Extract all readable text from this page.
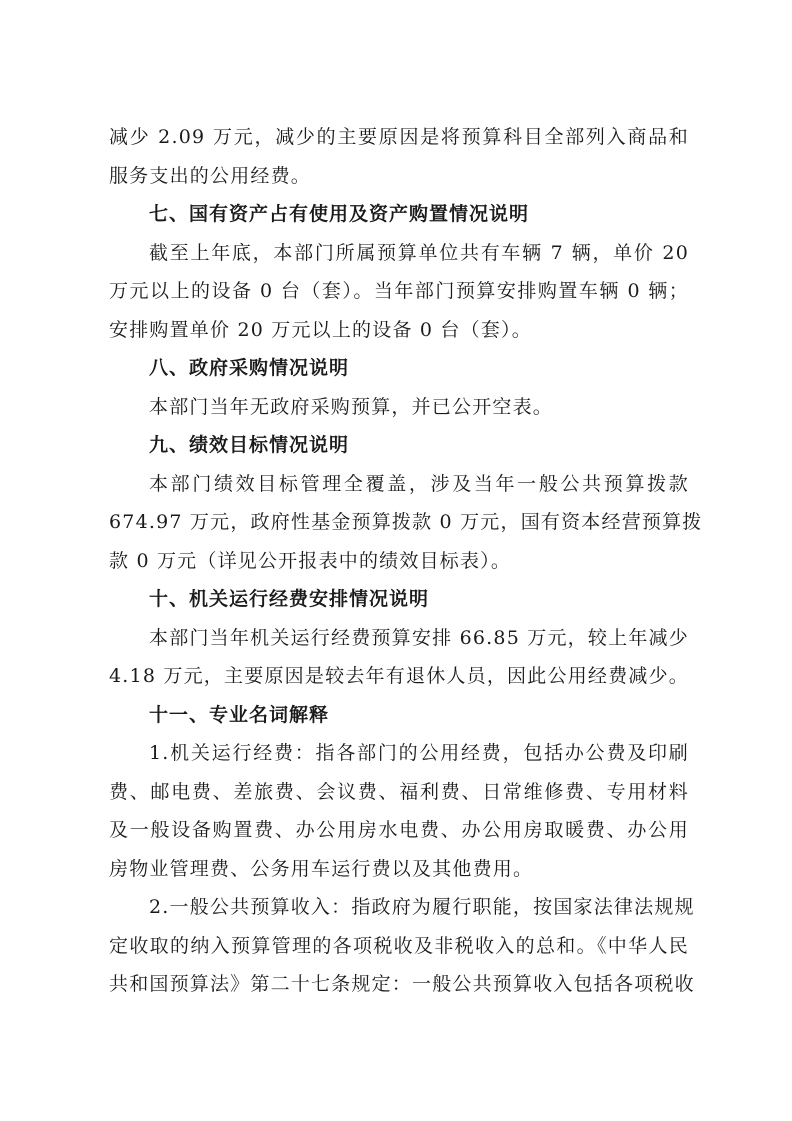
减少 2.09 万元，减少的主要原因是将预算科目全部列入商品和
服务支出的公用经费。
七、国有资产占有使用及资产购置情况说明
截至上年底，本部门所属预算单位共有车辆 7 辆，单价 20
万元以上的设备 0 台（套）。当年部门预算安排购置车辆 0 辆；
安排购置单价 20 万元以上的设备 0 台（套）。
八、政府采购情况说明
本部门当年无政府采购预算，并已公开空表。
九、绩效目标情况说明
本部门绩效目标管理全覆盖，涉及当年一般公共预算拨款
674.97 万元，政府性基金预算拨款 0 万元，国有资本经营预算拨
款 0 万元（详见公开报表中的绩效目标表）。
十、机关运行经费安排情况说明
本部门当年机关运行经费预算安排 66.85 万元，较上年减少
4.18 万元，主要原因是较去年有退休人员，因此公用经费减少。
十一、专业名词解释
1.机关运行经费：指各部门的公用经费，包括办公费及印刷
费、邮电费、差旅费、会议费、福利费、日常维修费、专用材料
及一般设备购置费、办公用房水电费、办公用房取暖费、办公用
房物业管理费、公务用车运行费以及其他费用。
2.一般公共预算收入：指政府为履行职能，按国家法律法规规
定收取的纳入预算管理的各项税收及非税收入的总和。《中华人民
共和国预算法》第二十七条规定：一般公共预算收入包括各项税收
